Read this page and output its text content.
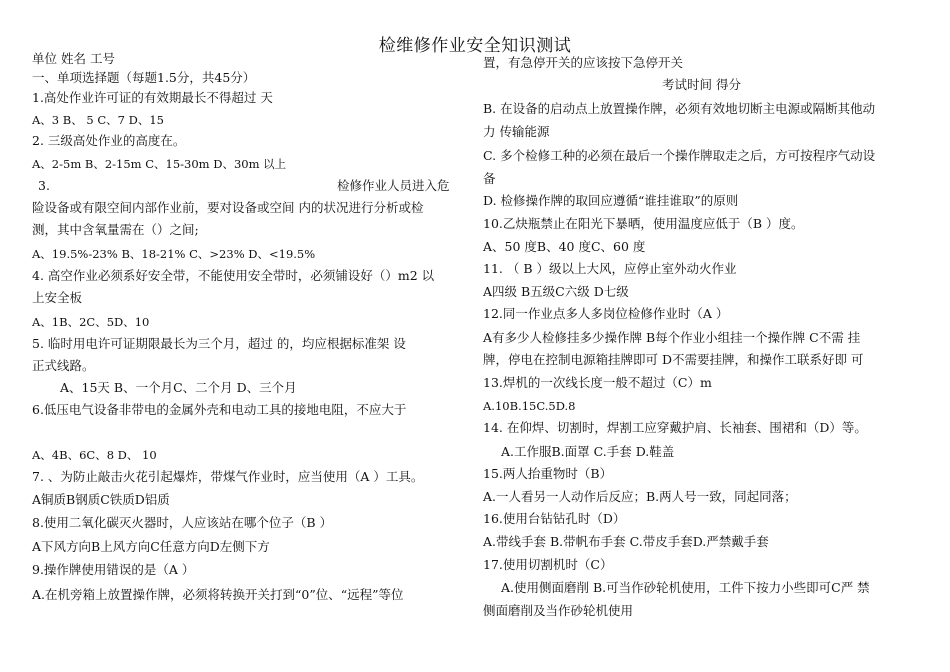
检维修作业安全知识测试
单位 姓名 工号
一、单项选择题（每题1.5分，共45分）
1.高处作业许可证的有效期最长不得超过 天
A、3 B、 5 C、7 D、15
2. 三级高处作业的高度在。
A、2-5m B、2-15m C、15-30m D、30m 以上
3.	检修作业人员进入危
险设备或有限空间内部作业前，要对设备或空间 内的状况进行分析或检
测，其中含氧量需在（）之间;
A、19.5%-23% B、18-21% C、>23% D、<19.5%
4. 高空作业必须系好安全带，不能使用安全带时，必须铺设好（）m2 以
上安全板
A、1B、2C、5D、10
5. 临时用电许可证期限最长为三个月，超过 的，均应根据标准架 设
正式线路。
A、15天 B、一个月C、二个月 D、三个月
6.低压电气设备非带电的金属外壳和电动工具的接地电阻，不应大于
A、4B、6C、8 D、 10
7. 、为防止敲击火花引起爆炸，带煤气作业时，应当使用（A ）工具。
A铜质B钢质C铁质D铝质
8.使用二氧化碳灭火器时，人应该站在哪个位子（B ）
A下风方向B上风方向C任意方向D左侧下方
9.操作牌使用错误的是（A ）
A.在机旁箱上放置操作牌，必须将转换开关打到“0”位、“远程”等位
置，有急停开关的应该按下急停开关
考试时间 得分
B. 在设备的启动点上放置操作牌，必须有效地切断主电源或隔断其他动
力 传输能源
C. 多个检修工种的必须在最后一个操作牌取走之后，方可按程序气动设
备
D. 检修操作牌的取回应遵循“谁挂谁取”的原则
10.乙炔瓶禁止在阳光下暴晒，使用温度应低于（B ）度。
A、50 度B、40 度C、60 度
11. （ B ）级以上大风，应停止室外动火作业
A四级 B五级C六级 D七级
12.同一作业点多人多岗位检修作业时（A ）
A有多少人检修挂多少操作牌 B每个作业小组挂一个操作牌 C不需 挂
牌，停电在控制电源箱挂牌即可 D不需要挂牌，和操作工联系好即 可
13.焊机的一次线长度一般不超过（C）m
A.10B.15C.5D.8
14. 在仰焊、切割时，焊割工应穿戴护肩、长袖套、围裙和（D）等。
A.工作服B.面罩 C.手套 D.鞋盖
15.两人抬重物时（B）
A.一人看另一人动作后反应；B.两人号一致，同起同落；
16.使用台钻钻孔时（D）
A.带线手套 B.带帆布手套 C.带皮手套D.严禁戴手套
17.使用切割机时（C）
A.使用侧面磨削 B.可当作砂轮机使用，工件下按力小些即可C严 禁
侧面磨削及当作砂轮机使用
